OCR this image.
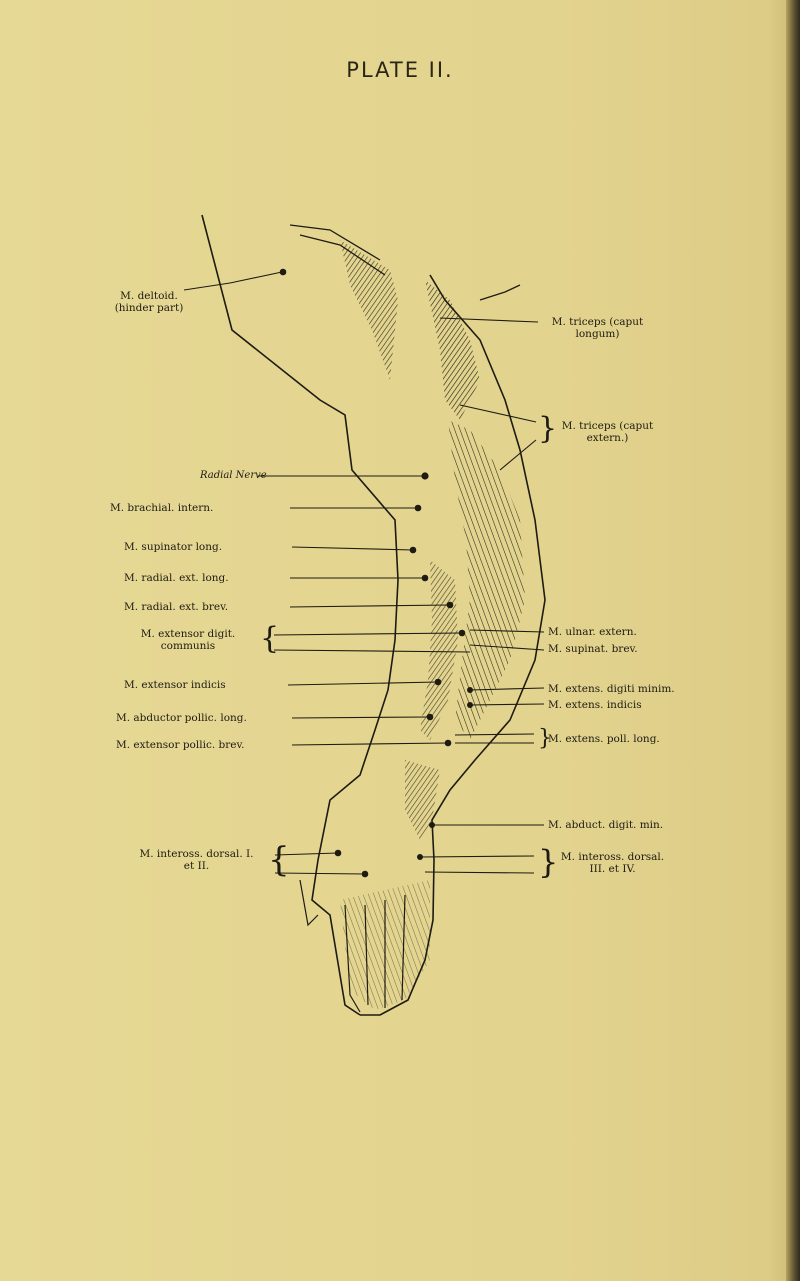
PLATE II.
M. deltoid.
(hinder part)
Radial Nerve
M. brachial. intern.
M. supinator long.
M. radial. ext. long.
M. radial. ext. brev.
M. extensor digit.
communis	{
M. extensor indicis
M. abductor pollic. long.
M. extensor pollic. brev.
M. inteross. dorsal. I.
et II.	{
M. triceps (caput
longum)
} M. triceps (caput
extern.)
M. ulnar. extern.
M. supinat. brev.
M. extens. digiti minim.
M. extens. indicis
}
M. extens. poll. long.
M. abduct. digit. min.
} M. inteross. dorsal.
III. et IV.
